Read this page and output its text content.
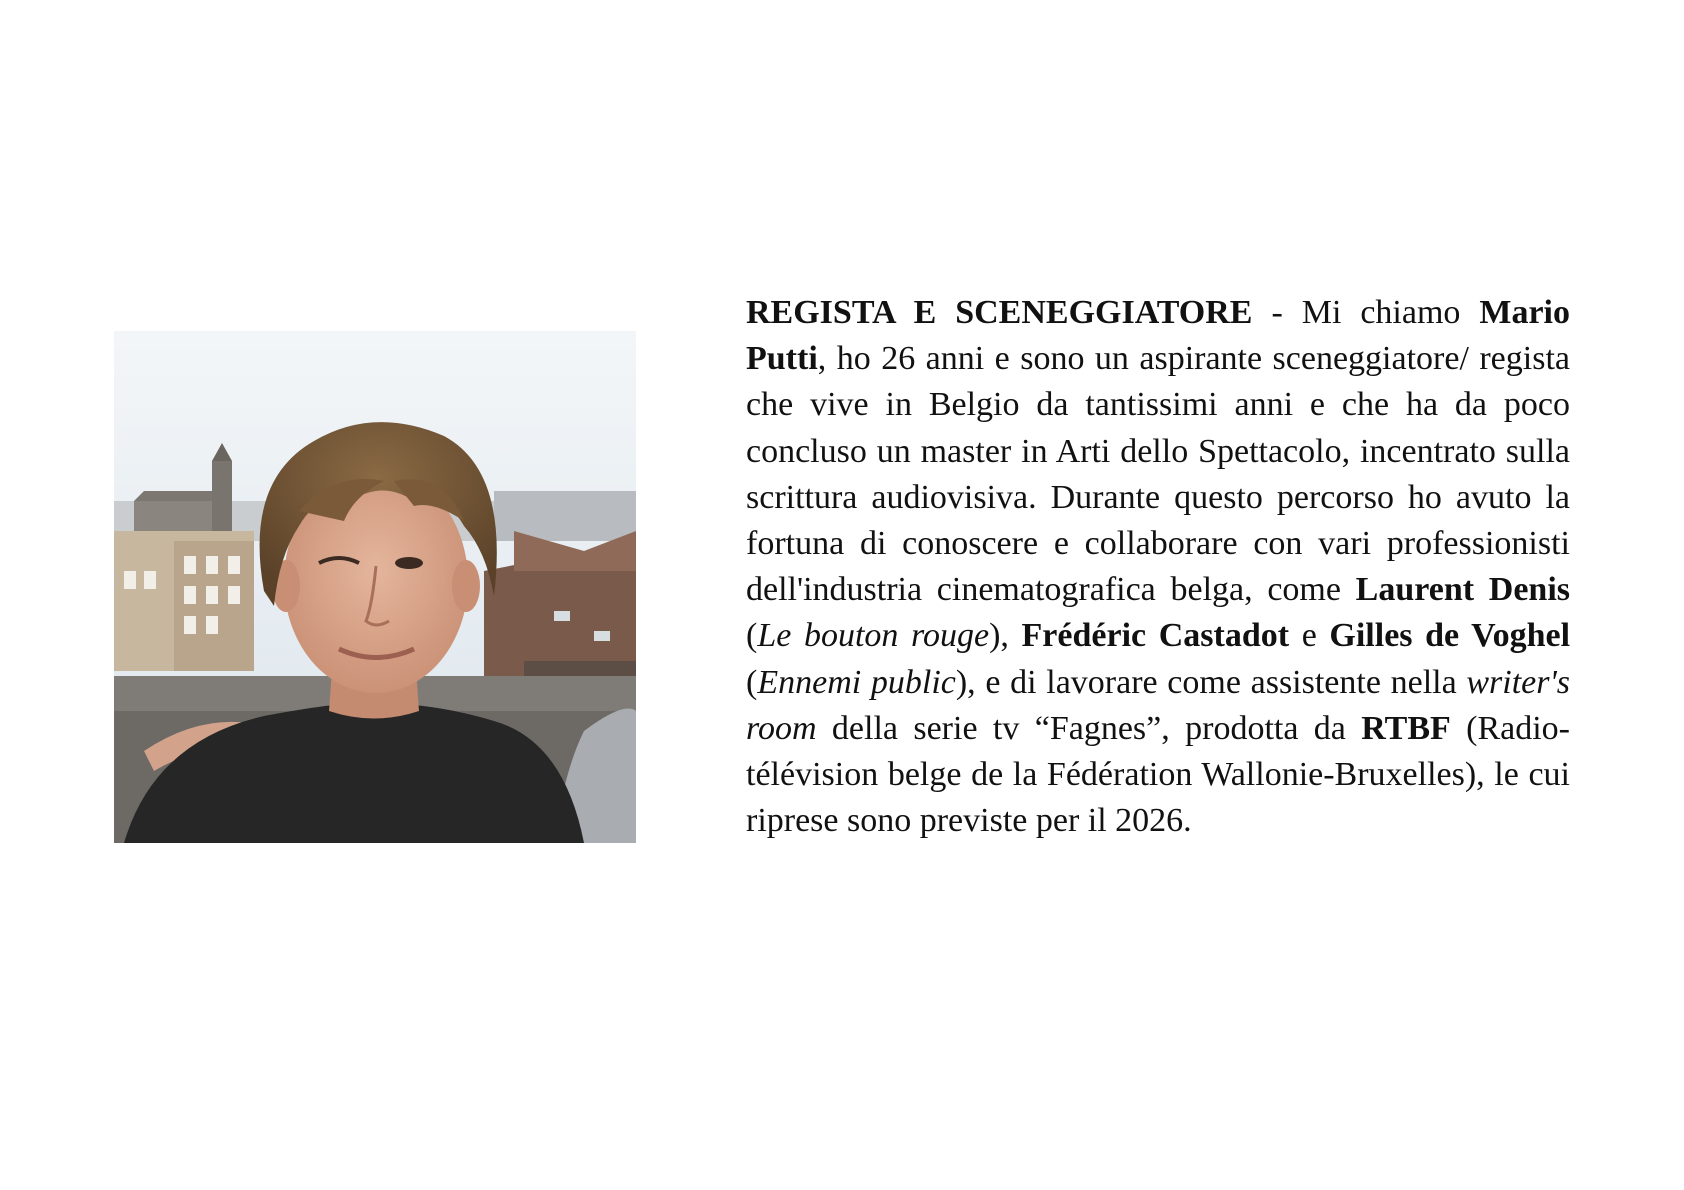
REGISTA E SCENEGGIATORE - Mi chiamo Mario Putti, ho 26 anni e sono un aspirante sceneggiatore/ regista che vive in Belgio da tantissimi anni e che ha da poco concluso un master in Arti dello Spettacolo, incentrato sulla scrittura audiovisiva. Durante questo percorso ho avuto la fortuna di conoscere e collaborare con vari professionisti dell'industria cinematografica belga, come Laurent Denis (Le bouton rouge), Frédéric Castadot e Gilles de Voghel (Ennemi public), e di lavorare come assistente nella writer's room della serie tv “Fagnes”, prodotta da RTBF (Radio-télévision belge de la Fédération Wallonie-Bruxelles), le cui riprese sono previste per il 2026.
